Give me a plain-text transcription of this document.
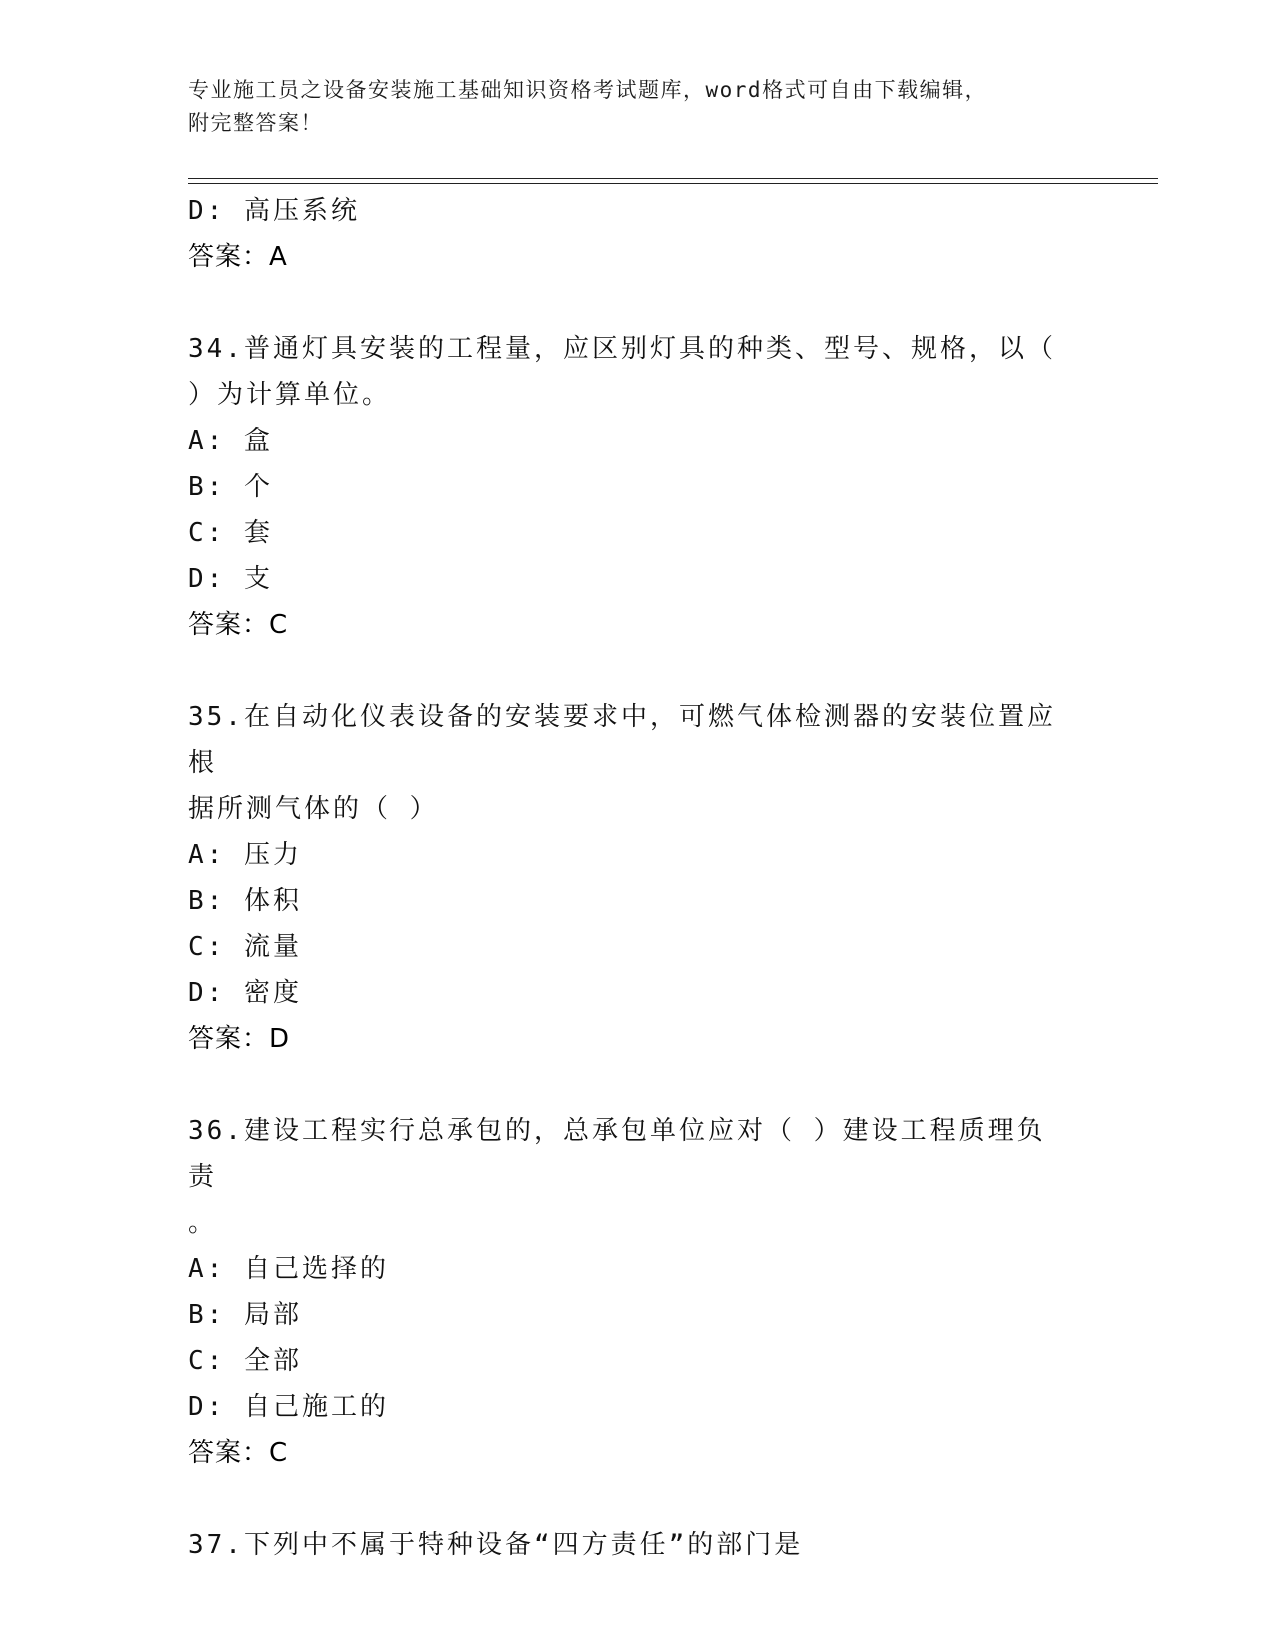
专业施工员之设备安装施工基础知识资格考试题库，word格式可自由下载编辑，
附完整答案！
D: 高压系统
答案：A
34.普通灯具安装的工程量，应区别灯具的种类、型号、规格，以（
）为计算单位。
A: 盒
B: 个
C: 套
D: 支
答案：C
35.在自动化仪表设备的安装要求中，可燃气体检测器的安装位置应根
据所测气体的（ ）
A: 压力
B: 体积
C: 流量
D: 密度
答案：D
36.建设工程实行总承包的，总承包单位应对（ ）建设工程质理负责
。
A: 自己选择的
B: 局部
C: 全部
D: 自己施工的
答案：C
37.下列中不属于特种设备“四方责任”的部门是
